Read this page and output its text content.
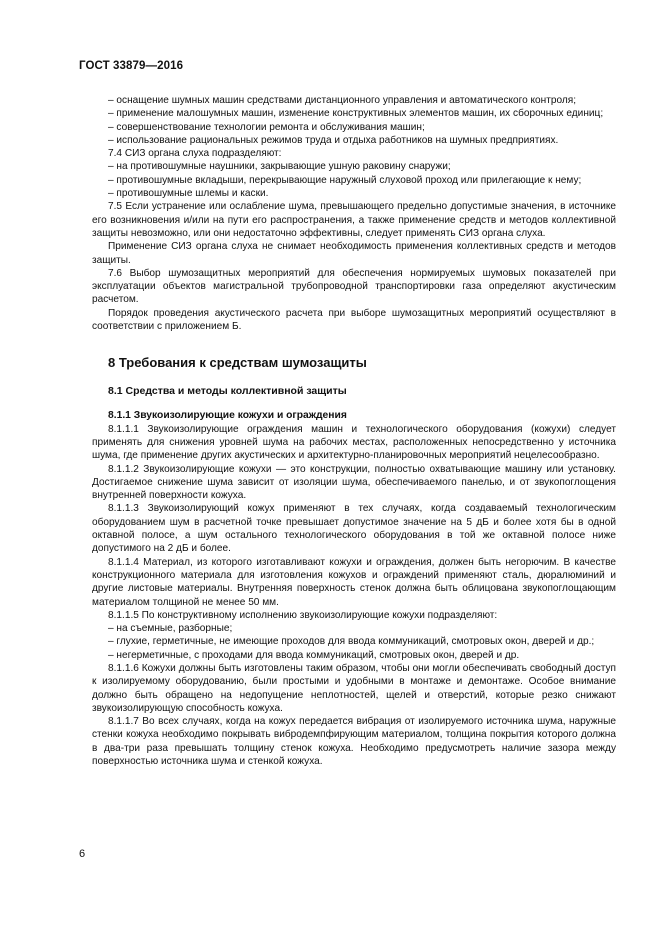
ГОСТ 33879—2016

– оснащение шумных машин средствами дистанционного управления и автоматического контроля;

– применение малошумных машин, изменение конструктивных элементов машин, их сборочных единиц;

– совершенствование технологии ремонта и обслуживания машин;

– использование рациональных режимов труда и отдыха работников на шумных предприятиях.

7.4 СИЗ органа слуха подразделяют:

– на противошумные наушники, закрывающие ушную раковину снаружи;

– противошумные вкладыши, перекрывающие наружный слуховой проход или прилегающие к нему;

– противошумные шлемы и каски.

7.5 Если устранение или ослабление шума, превышающего предельно допустимые значения, в источнике его возникновения и/или на пути его распространения, а также применение средств и методов коллективной защиты невозможно, или они недостаточно эффективны, следует применять СИЗ органа слуха.

Применение СИЗ органа слуха не снимает необходимость применения коллективных средств и методов защиты.

7.6 Выбор шумозащитных мероприятий для обеспечения нормируемых шумовых показателей при эксплуатации объектов магистральной трубопроводной транспортировки газа определяют акустическим расчетом.

Порядок проведения акустического расчета при выборе шумозащитных мероприятий осуществляют в соответствии с приложением Б.

8 Требования к средствам шумозащиты
8.1 Средства и методы коллективной защиты
8.1.1 Звукоизолирующие кожухи и ограждения

8.1.1.1 Звукоизолирующие ограждения машин и технологического оборудования (кожухи) следует применять для снижения уровней шума на рабочих местах, расположенных непосредственно у источника шума, где применение других акустических и архитектурно-планировочных мероприятий нецелесообразно.

8.1.1.2 Звукоизолирующие кожухи — это конструкции, полностью охватывающие машину или установку. Достигаемое снижение шума зависит от изоляции шума, обеспечиваемого панелью, и от звукопоглощения внутренней поверхности кожуха.

8.1.1.3 Звукоизолирующий кожух применяют в тех случаях, когда создаваемый технологическим оборудованием шум в расчетной точке превышает допустимое значение на 5 дБ и более хотя бы в одной октавной полосе, а шум остального технологического оборудования в той же октавной полосе ниже допустимого на 2 дБ и более.

8.1.1.4 Материал, из которого изготавливают кожухи и ограждения, должен быть негорючим. В качестве конструкционного материала для изготовления кожухов и ограждений применяют сталь, дюралюминий и другие листовые материалы. Внутренняя поверхность стенок должна быть облицована звукопоглощающим материалом толщиной не менее 50 мм.

8.1.1.5 По конструктивному исполнению звукоизолирующие кожухи подразделяют:

– на съемные, разборные;

– глухие, герметичные, не имеющие проходов для ввода коммуникаций, смотровых окон, дверей и др.;

– негерметичные, с проходами для ввода коммуникаций, смотровых окон, дверей и др.

8.1.1.6 Кожухи должны быть изготовлены таким образом, чтобы они могли обеспечивать свободный доступ к изолируемому оборудованию, были простыми и удобными в монтаже и демонтаже. Особое внимание должно быть обращено на недопущение неплотностей, щелей и отверстий, которые резко снижают звукоизолирующую способность кожуха.

8.1.1.7 Во всех случаях, когда на кожух передается вибрация от изолируемого источника шума, наружные стенки кожуха необходимо покрывать вибродемпфирующим материалом, толщина покрытия которого должна в два-три раза превышать толщину стенок кожуха. Необходимо предусмотреть наличие зазора между поверхностью источника шума и стенкой кожуха.

6
